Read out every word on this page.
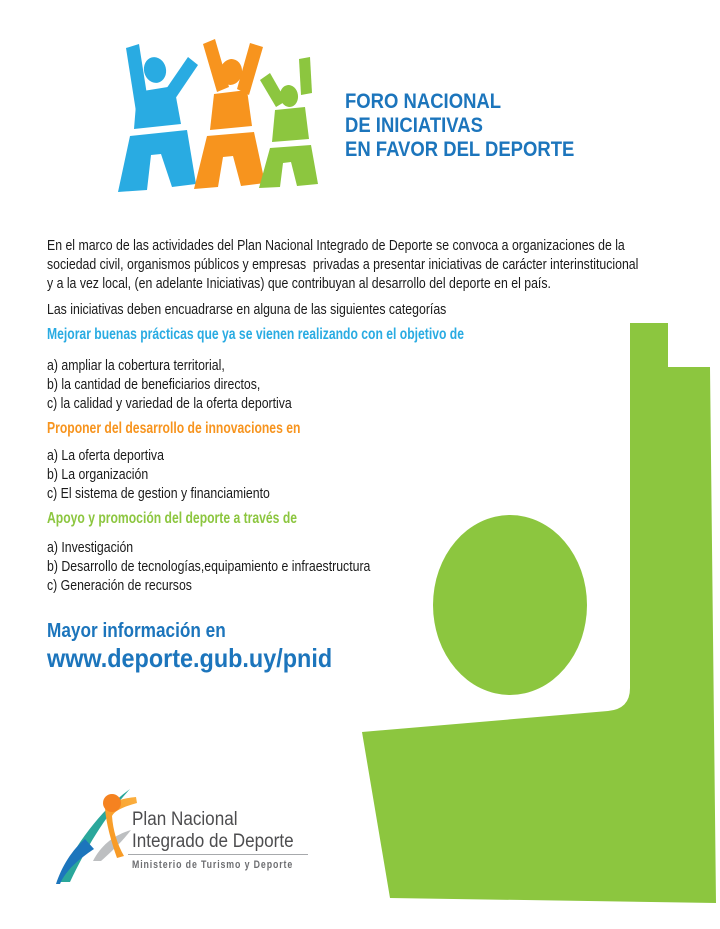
FORO NACIONAL
DE INICIATIVAS
EN FAVOR DEL DEPORTE
En el marco de las actividades del Plan Nacional Integrado de Deporte se convoca a organizaciones de la
sociedad civil, organismos públicos y empresas  privadas a presentar iniciativas de carácter interinstitucional
y a la vez local, (en adelante Iniciativas) que contribuyan al desarrollo del deporte en el país.
Las iniciativas deben encuadrarse en alguna de las siguientes categorías
Mejorar buenas prácticas que ya se vienen realizando con el objetivo de
a) ampliar la cobertura territorial,
b) la cantidad de beneficiarios directos,
c) la calidad y variedad de la oferta deportiva
Proponer del desarrollo de innovaciones en
a) La oferta deportiva
b) La organización
c) El sistema de gestion y financiamiento
Apoyo y promoción del deporte a través de
a) Investigación
b) Desarrollo de tecnologías,equipamiento e infraestructura
c) Generación de recursos
Mayor información en
www.deporte.gub.uy/pnid
Plan Nacional
Integrado de Deporte
Ministerio de Turismo y Deporte
